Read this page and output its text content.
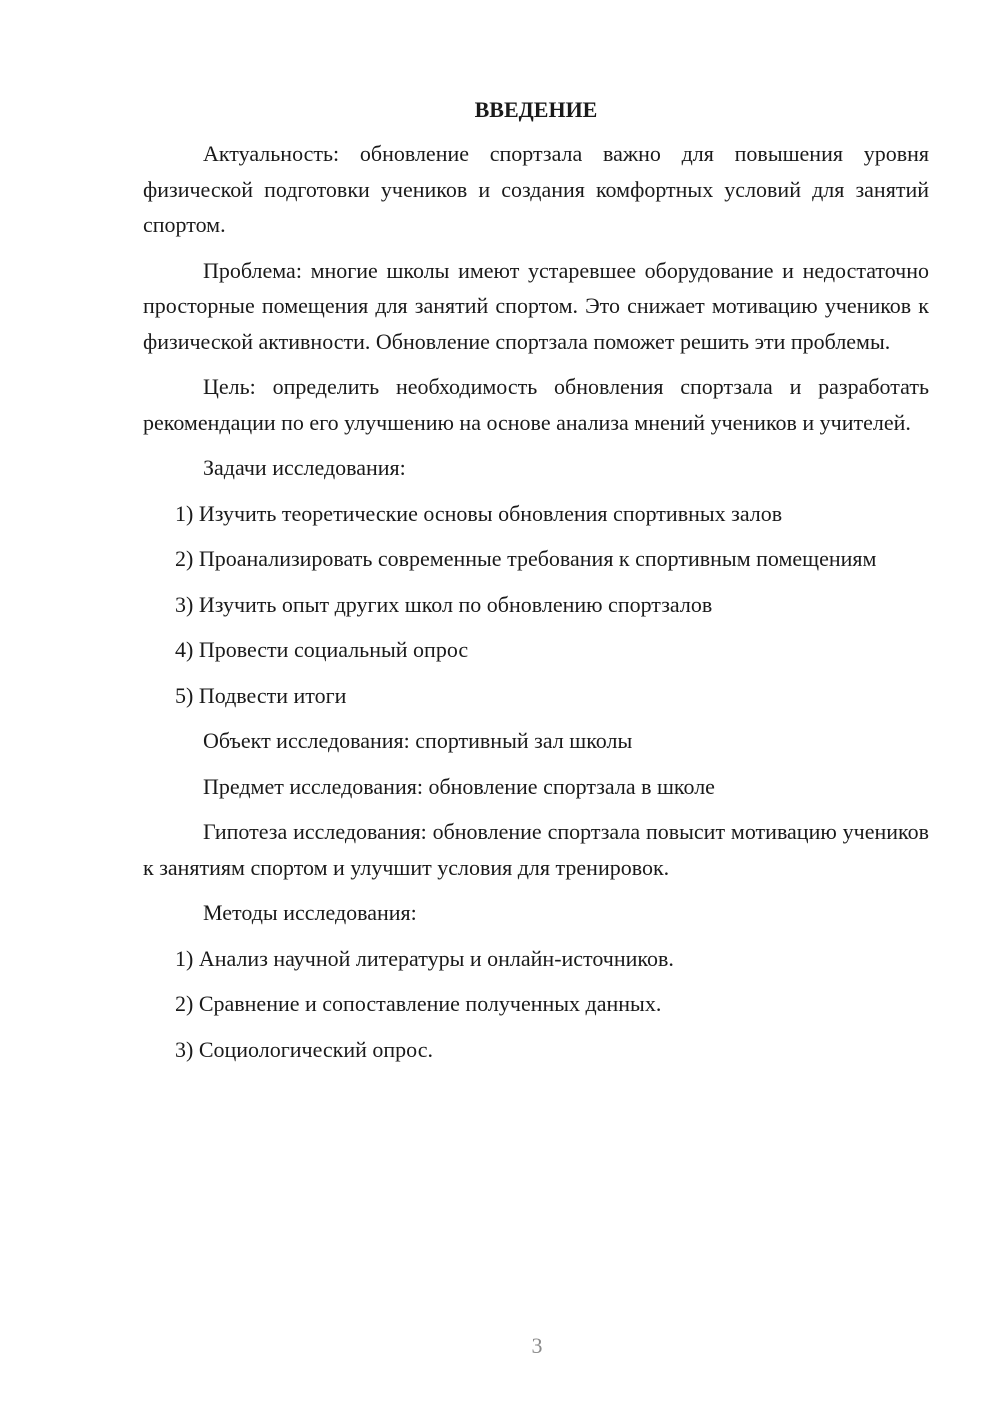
ВВЕДЕНИЕ

Актуальность: обновление спортзала важно для повышения уровня физической подготовки учеников и создания комфортных условий для занятий спортом.

Проблема: многие школы имеют устаревшее оборудование и недостаточно просторные помещения для занятий спортом. Это снижает мотивацию учеников к физической активности. Обновление спортзала поможет решить эти проблемы.

Цель: определить необходимость обновления спортзала и разработать рекомендации по его улучшению на основе анализа мнений учеников и учителей.

Задачи исследования:

1) Изучить теоретические основы обновления спортивных залов

2) Проанализировать современные требования к спортивным помещениям

3) Изучить опыт других школ по обновлению спортзалов

4) Провести социальный опрос

5) Подвести итоги

Объект исследования: спортивный зал школы

Предмет исследования: обновление спортзала в школе

Гипотеза исследования: обновление спортзала повысит мотивацию учеников к занятиям спортом и улучшит условия для тренировок.

Методы исследования:

1) Анализ научной литературы и онлайн-источников.

2) Сравнение и сопоставление полученных данных.

3) Социологический опрос.

3
